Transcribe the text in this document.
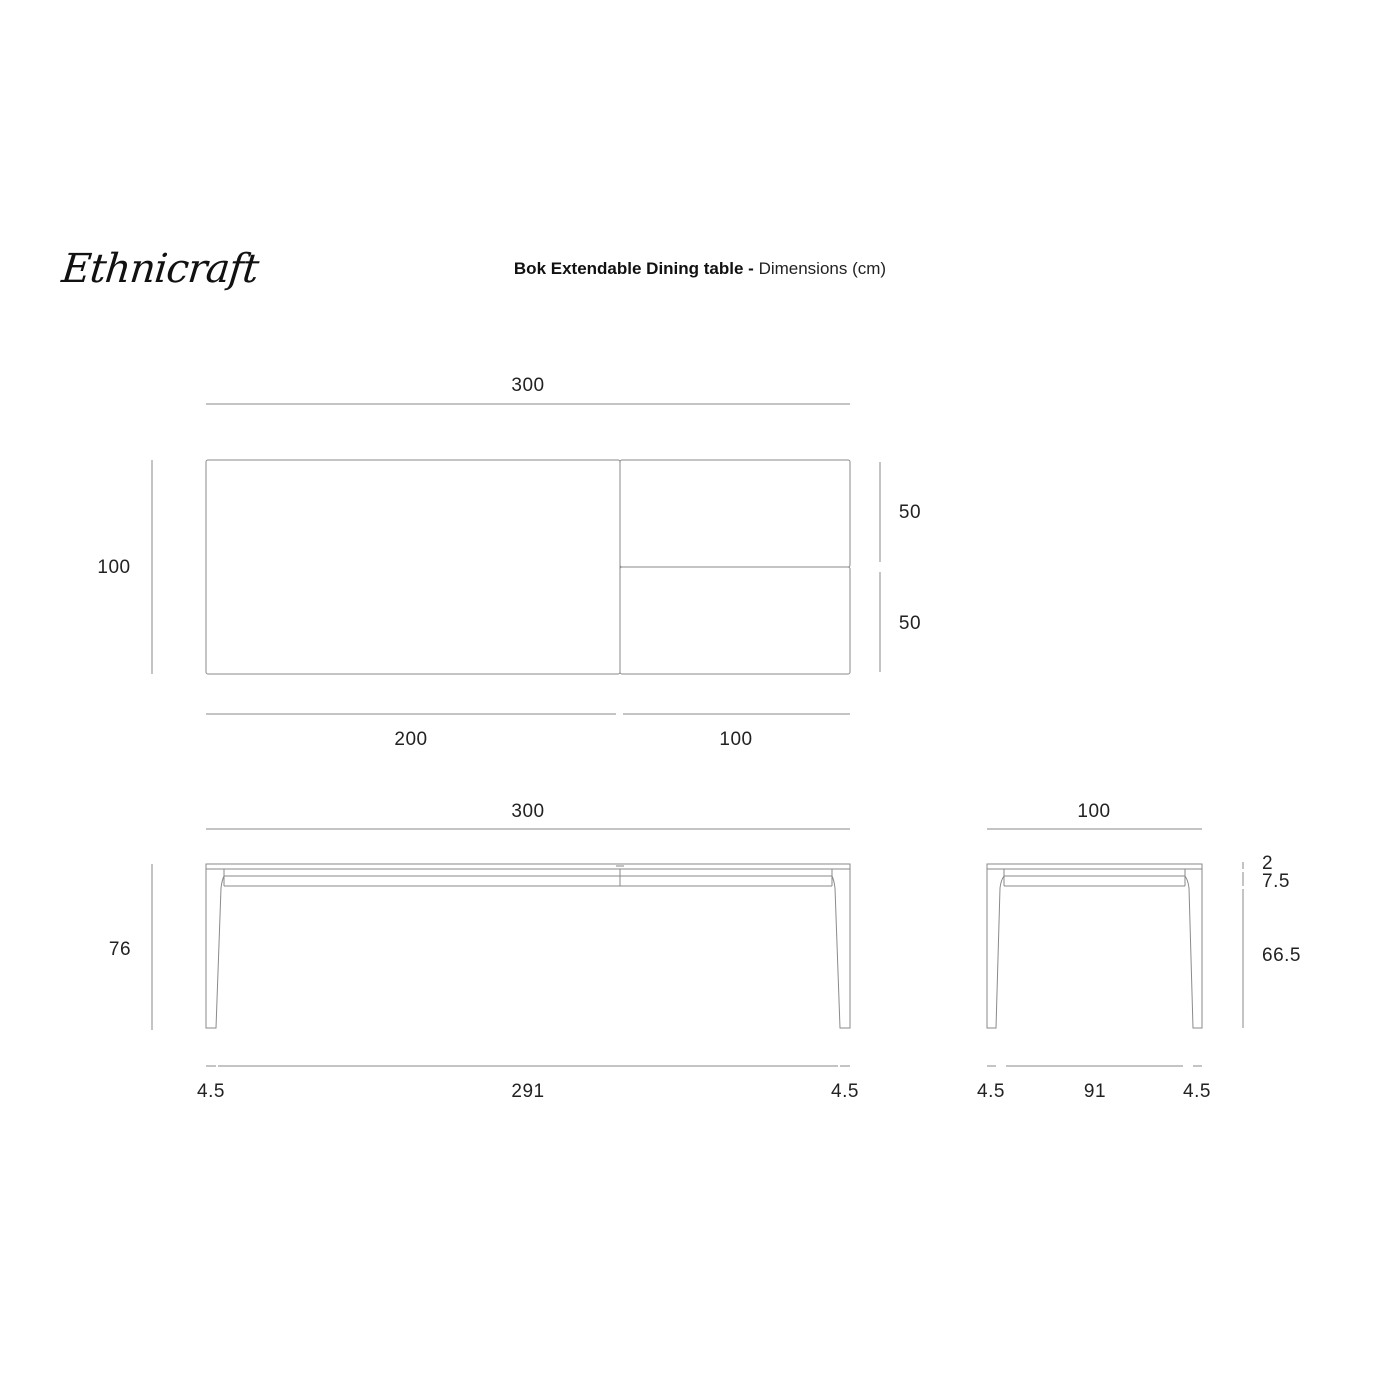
Ethnicraft	Bok Extendable Dining table - Dimensions (cm)
300
100
50
50
200	100
300
76
4.5	291	4.5
100
2
7.5
66.5
4.5	91	4.5
